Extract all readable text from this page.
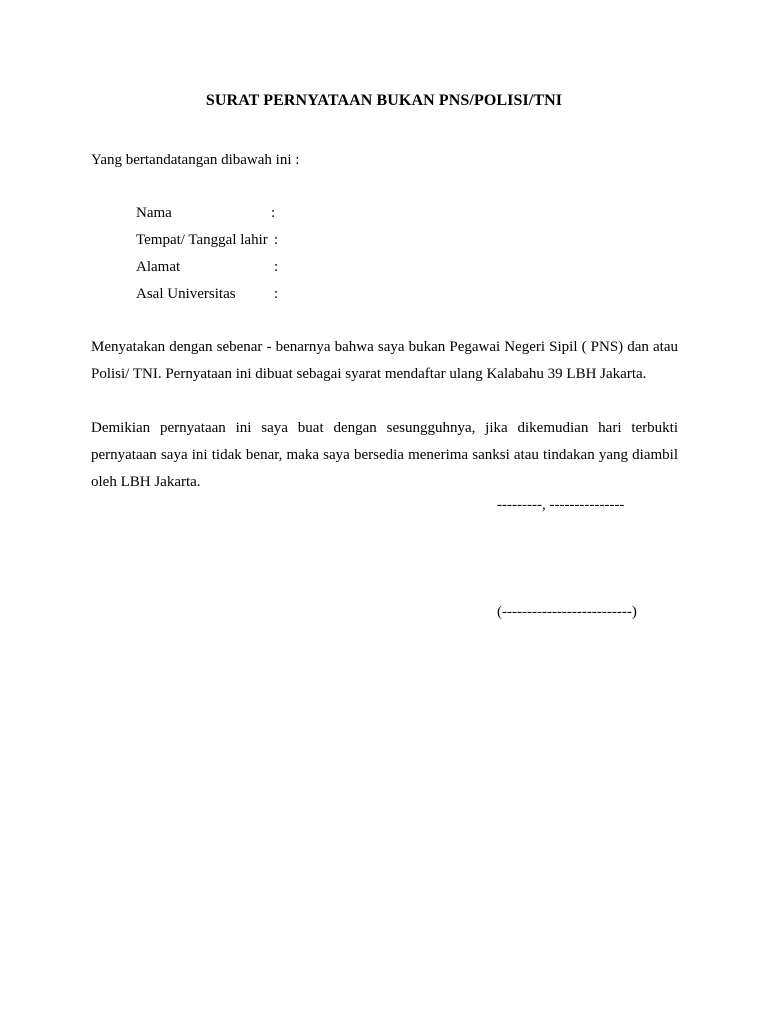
SURAT PERNYATAAN BUKAN PNS/POLISI/TNI
Yang bertandatangan dibawah ini :
Nama	:
Tempat/ Tanggal lahir :
Alamat	:
Asal Universitas	:
Menyatakan dengan sebenar - benarnya bahwa saya bukan Pegawai Negeri Sipil ( PNS) dan atau Polisi/ TNI. Pernyataan ini dibuat sebagai syarat mendaftar ulang Kalabahu 39 LBH Jakarta.
Demikian pernyataan ini saya buat dengan sesungguhnya, jika dikemudian hari terbukti pernyataan saya ini tidak benar, maka saya bersedia menerima sanksi atau tindakan yang diambil oleh LBH Jakarta.
---------, ---------------
(--------------------------)
